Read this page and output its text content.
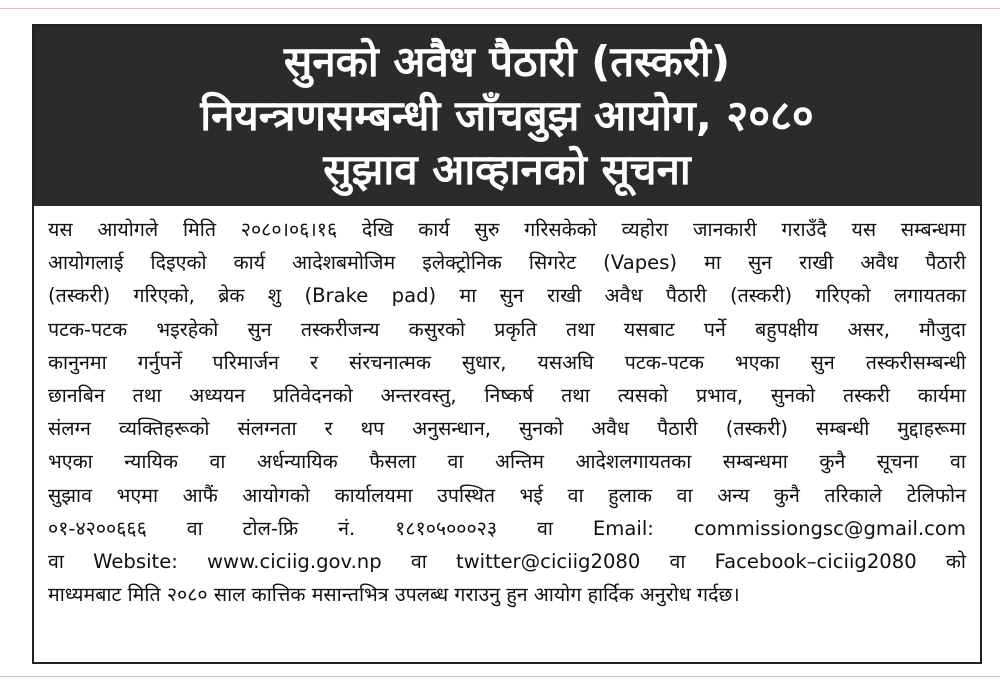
सुनको अवैध पैठारी (तस्करी)
नियन्त्रणसम्बन्धी जाँचबुझ आयोग, २०८०
सुझाव आव्हानको सूचना
यस आयोगले मिति २०८०।०६।१६ देखि कार्य सुरु गरिसकेको व्यहोरा जानकारी गराउँदै यस सम्बन्धमा
आयोगलाई दिइएको कार्य आदेशबमोजिम इलेक्ट्रोनिक सिगरेट (Vapes) मा सुन राखी अवैध पैठारी
(तस्करी) गरिएको, ब्रेक शु (Brake pad) मा सुन राखी अवैध पैठारी (तस्करी) गरिएको लगायतका
पटक-पटक भइरहेको सुन तस्करीजन्य कसुरको प्रकृति तथा यसबाट पर्ने बहुपक्षीय असर, मौजुदा
कानुनमा गर्नुपर्ने परिमार्जन र संरचनात्मक सुधार, यसअघि पटक-पटक भएका सुन तस्करीसम्बन्धी
छानबिन तथा अध्ययन प्रतिवेदनको अन्तरवस्तु, निष्कर्ष तथा त्यसको प्रभाव, सुनको तस्करी कार्यमा
संलग्न व्यक्तिहरूको संलग्नता र थप अनुसन्धान, सुनको अवैध पैठारी (तस्करी) सम्बन्धी मुद्दाहरूमा
भएका न्यायिक वा अर्धन्यायिक फैसला वा अन्तिम आदेशलगायतका सम्बन्धमा कुनै सूचना वा
सुझाव भएमा आफैं आयोगको कार्यालयमा उपस्थित भई वा हुलाक वा अन्य कुनै तरिकाले टेलिफोन
०१-४२००६६६ वा टोल-फ्रि नं. १८१०५०००२३ वा Email: commissiongsc@gmail.com
वा Website: www.ciciig.gov.np वा twitter@ciciig2080 वा Facebook–ciciig2080 को
माध्यमबाट मिति २०८० साल कात्तिक मसान्तभित्र उपलब्ध गराउनु हुन आयोग हार्दिक अनुरोध गर्दछ।
